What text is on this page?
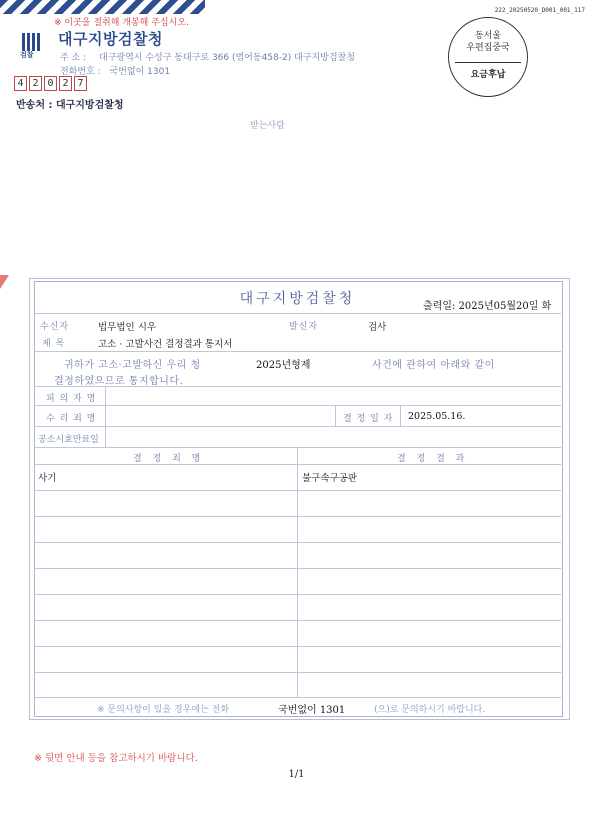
※ 이곳을 절취해 개봉해 주십시오.
222_20250520_D001_001_117
검찰
대구지방검찰청
주 소 : 대구광역시 수성구 동대구로 366 (범어동458-2) 대구지방검찰청
전화번호 : 국번없이 1301
4 2 0 2 7
반송처 : 대구지방검찰청
받는사람
동서울
우편집중국
요금후납
대구지방검찰청	출력일: 2025년05월20일 화
수신자	법무법인 시우	발신자	검사
제 목	고소 · 고발사건 결정결과 통지서
귀하가 고소·고발하신 우리 청	2025년형제	사건에 관하여 아래와 같이
결정하였으므로 통지합니다.
피 의 자 명
수 리 죄 명	결 정 일 자 2025.05.16.
공소시효만료일
결 정 죄 명	결 정 결 과
사기	불구속구공판
※ 문의사항이 있을 경우에는 전화	국번없이 1301	(으)로 문의하시기 바랍니다.
※ 뒷면 안내 등을 참고하시기 바랍니다.
1/1
